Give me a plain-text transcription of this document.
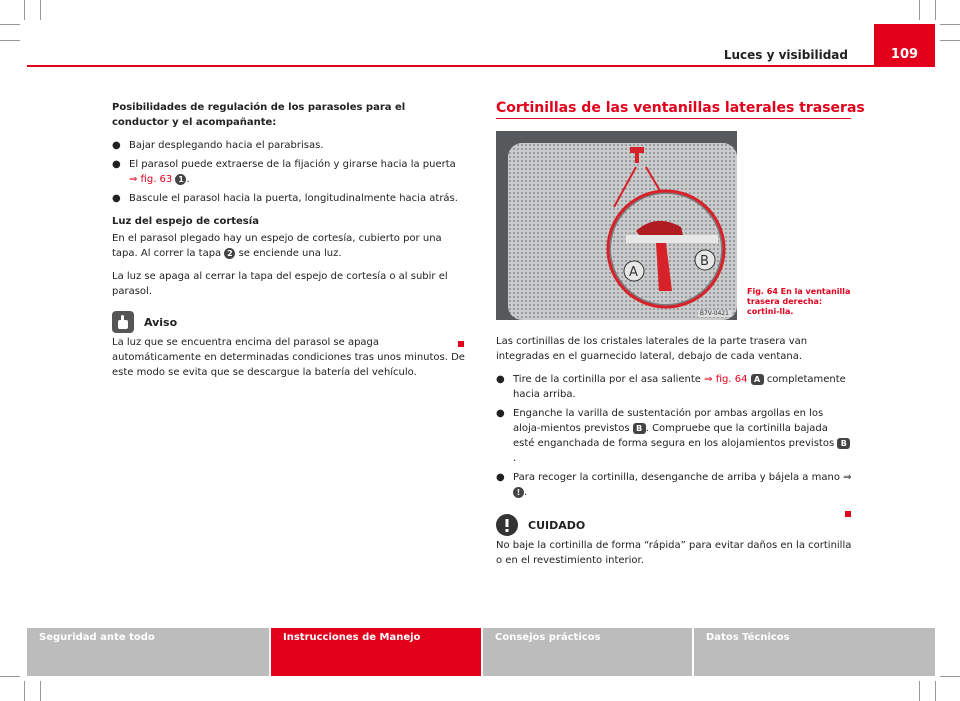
Luces y visibilidad	109

Posibilidades de regulación de los parasoles para el conductor y el acompañante:

● Bajar desplegando hacia el parabrisas.
● El parasol puede extraerse de la fijación y girarse hacia la puerta
⇒ fig. 63 1 .
● Bascule el parasol hacia la puerta, longitudinalmente hacia atrás.

Luz del espejo de cortesía

En el parasol plegado hay un espejo de cortesía, cubierto por una tapa. Al correr la tapa 2 se enciende una luz.

La luz se apaga al cerrar la tapa del espejo de cortesía o al subir el parasol.

Aviso

La luz que se encuentra encima del parasol se apaga automáticamente en determinadas condiciones tras unos minutos. De este modo se evita que se descargue la batería del vehículo.

Cortinillas de las ventanillas laterales traseras
A
B
B7V-0421
Fig. 64 En la ventanilla trasera derecha: cortini-lla.

Las cortinillas de los cristales laterales de la parte trasera van integradas en el guarnecido lateral, debajo de cada ventana.

● Tire de la cortinilla por el asa saliente ⇒ fig. 64 A completamente hacia arriba.
● Enganche la varilla de sustentación por ambas argollas en los aloja-mientos previstos B . Compruebe que la cortinilla bajada esté enganchada de forma segura en los alojamientos previstos B.
● Para recoger la cortinilla, desenganche de arriba y bájela a mano ⇒ ! .
CUIDADO

No baje la cortinilla de forma “rápida” para evitar daños en la cortinilla o en el revestimiento interior.

Seguridad ante todo	Instrucciones de Manejo	Consejos prácticos	Datos Técnicos
